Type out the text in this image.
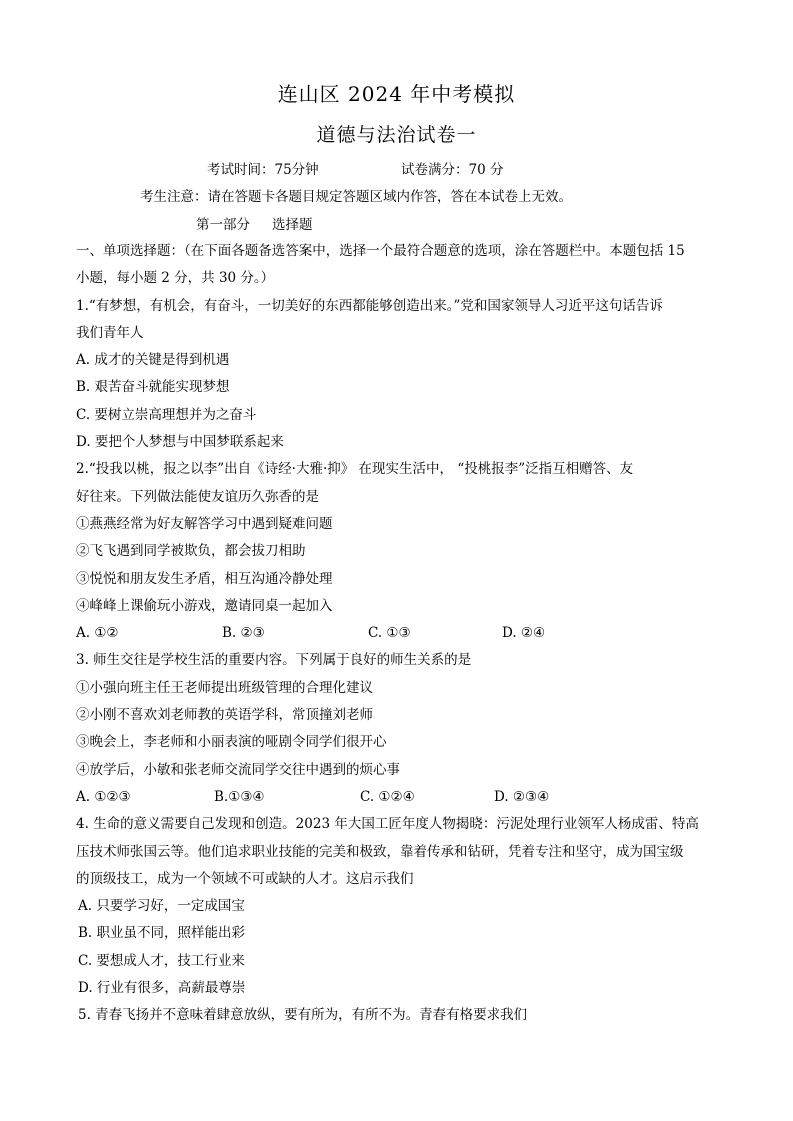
连山区 2024 年中考模拟
道德与法治试卷一
考试时间：75分钟	试卷满分：70 分
考生注意：请在答题卡各题目规定答题区域内作答，答在本试卷上无效。
第一部分 选择题
一、单项选择题：（在下面各题备选答案中，选择一个最符合题意的选项，涂在答题栏中。本题包括 15
小题，每小题 2 分，共 30 分。）
1.“有梦想，有机会，有奋斗，一切美好的东西都能够创造出来。”党和国家领导人习近平这句话告诉
我们青年人
A. 成才的关键是得到机遇
B. 艰苦奋斗就能实现梦想
C. 要树立崇高理想并为之奋斗
D. 要把个人梦想与中国梦联系起来
2.“投我以桃，报之以李”出自《诗经·大雅·抑》 在现实生活中， “投桃报李”泛指互相赠答、友
好往来。下列做法能使友谊历久弥香的是
①燕燕经常为好友解答学习中遇到疑难问题
②飞飞遇到同学被欺负，都会拔刀相助
③悦悦和朋友发生矛盾，相互沟通冷静处理
④峰峰上课偷玩小游戏，邀请同桌一起加入
A. ①②	B. ②③	C. ①③	D. ②④
3. 师生交往是学校生活的重要内容。下列属于良好的师生关系的是
①小强向班主任王老师提出班级管理的合理化建议
②小刚不喜欢刘老师教的英语学科，常顶撞刘老师
③晚会上，李老师和小丽表演的哑剧令同学们很开心
④放学后，小敏和张老师交流同学交往中遇到的烦心事
A. ①②③	B.①③④	C. ①②④	D. ②③④
4. 生命的意义需要自己发现和创造。2023 年大国工匠年度人物揭晓：污泥处理行业领军人杨成雷、特高
压技术师张国云等。他们追求职业技能的完美和极致，靠着传承和钻研，凭着专注和坚守，成为国宝级
的顶级技工，成为一个领域不可或缺的人才。这启示我们
A. 只要学习好，一定成国宝
B. 职业虽不同，照样能出彩
C. 要想成人才，技工行业来
D. 行业有很多，高薪最尊崇
5. 青春飞扬并不意味着肆意放纵，要有所为，有所不为。青春有格要求我们
